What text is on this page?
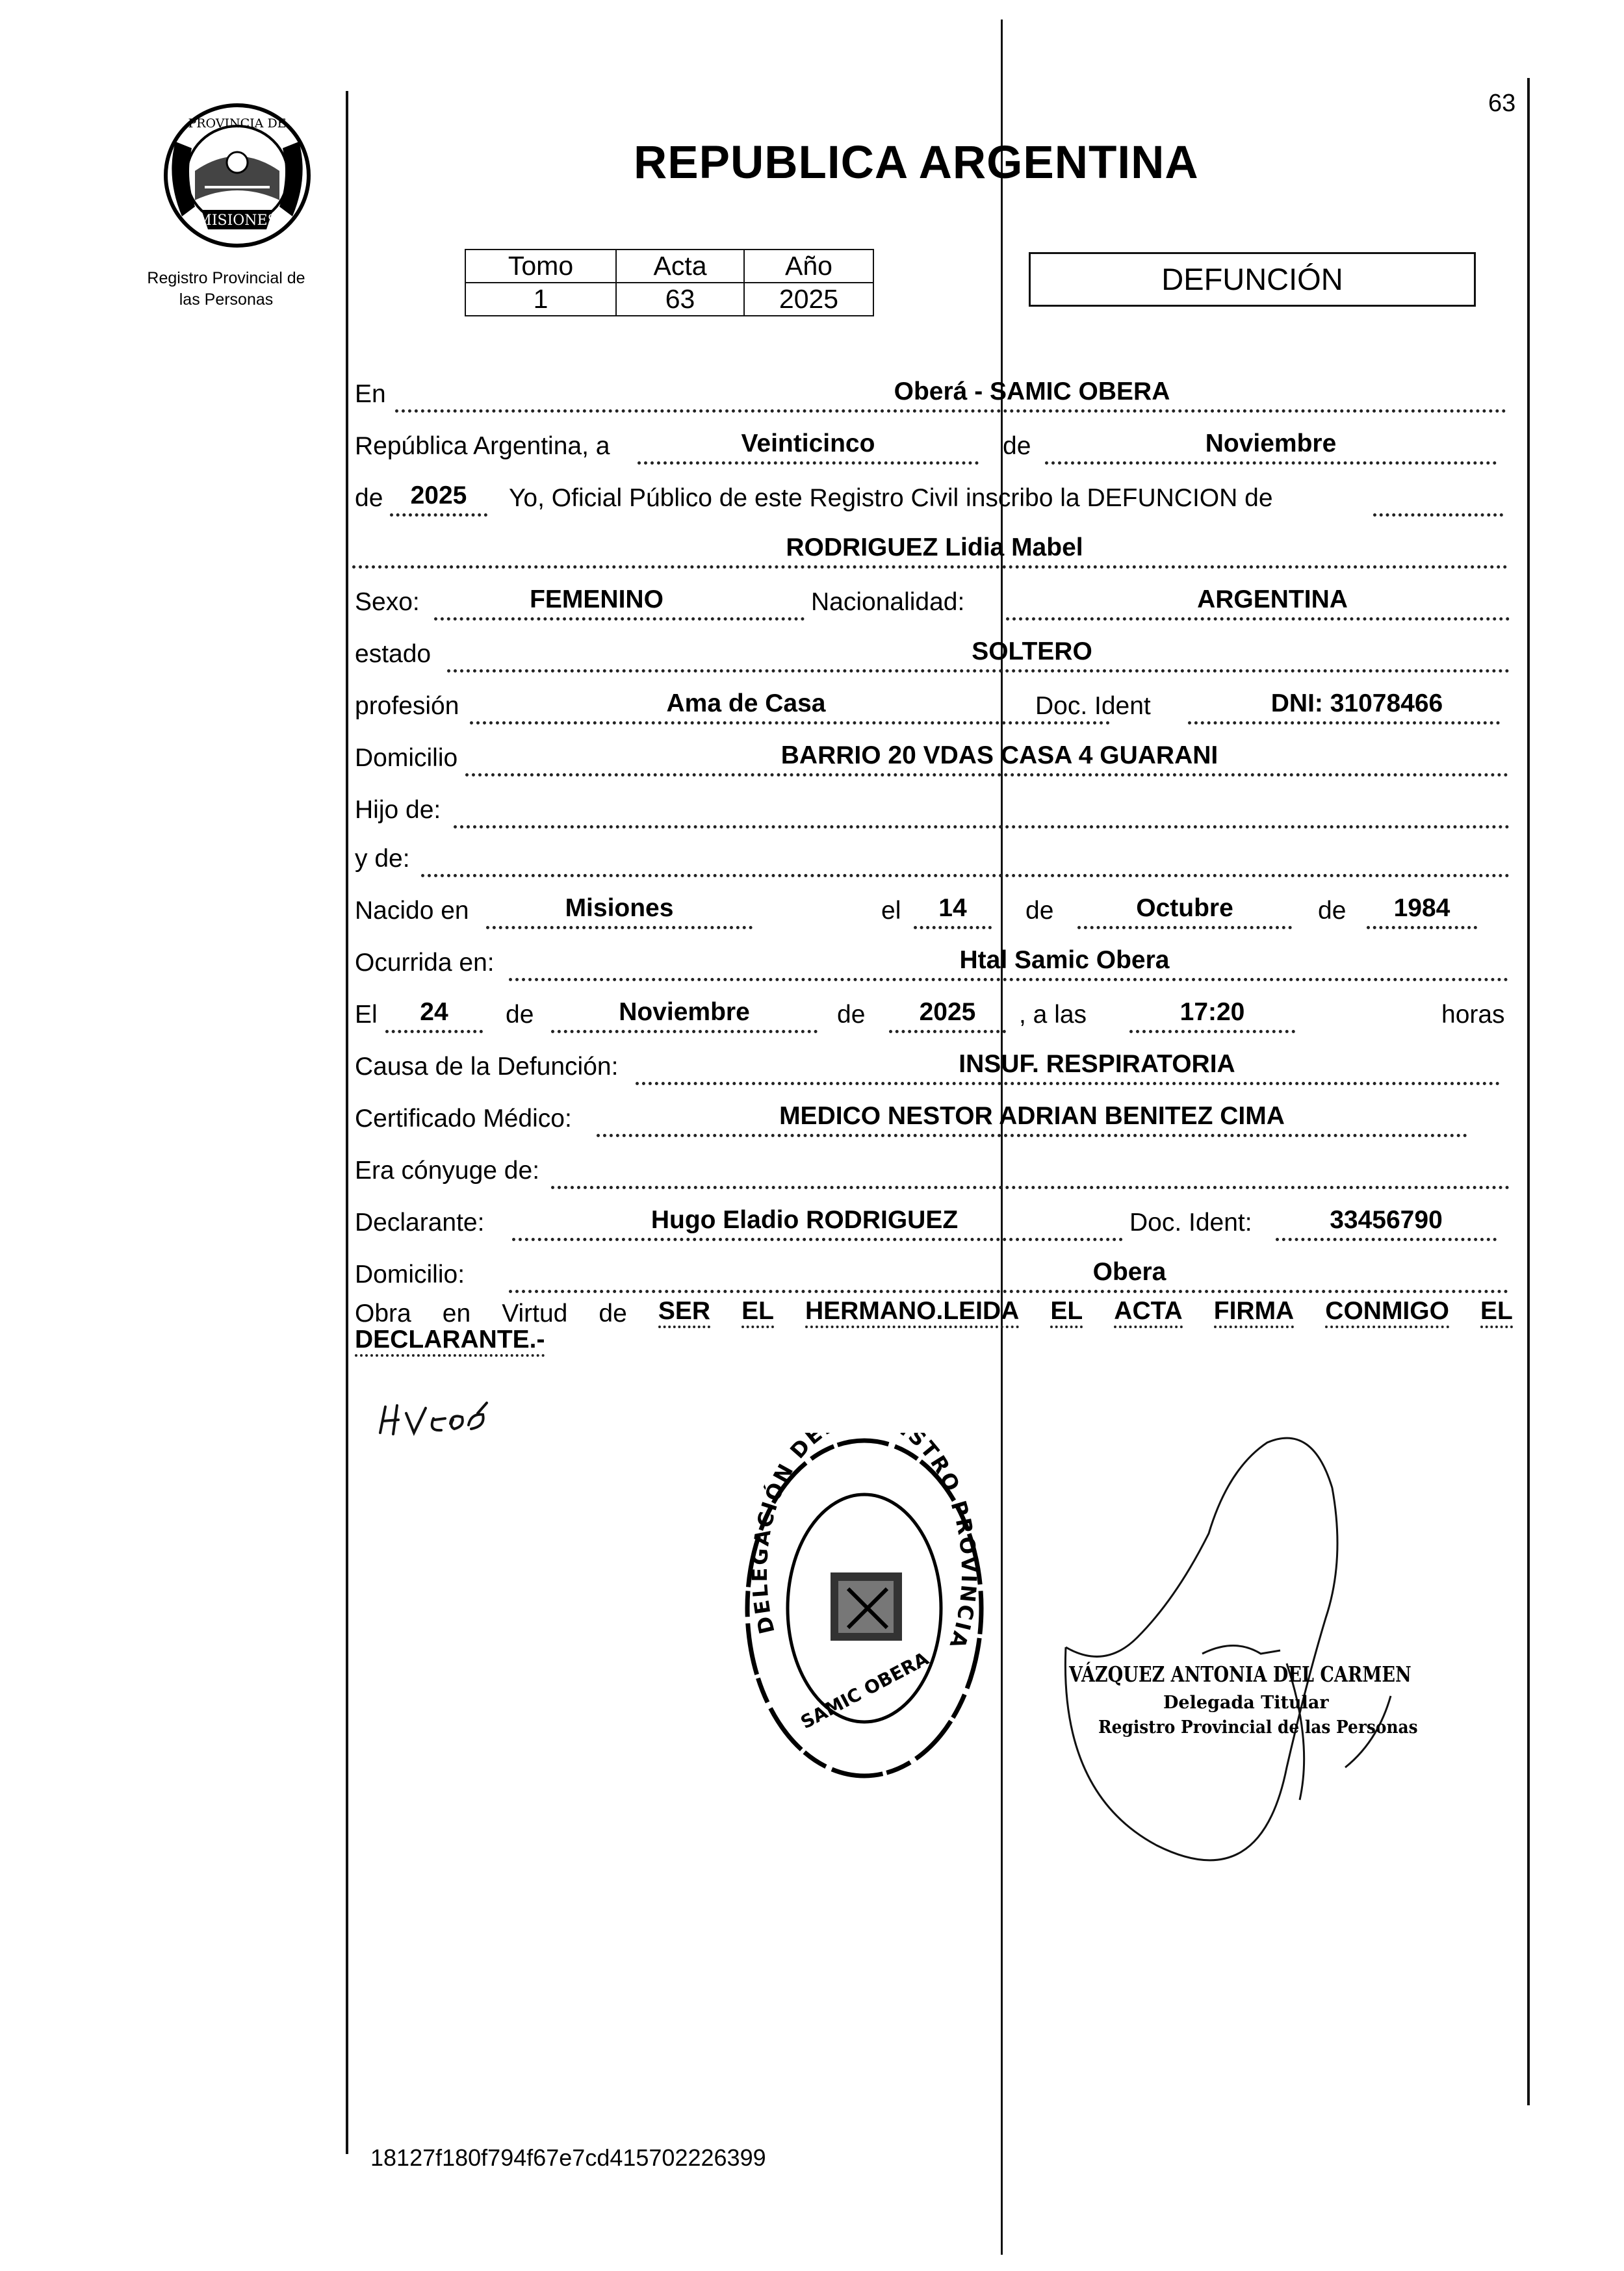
63
PROVINCIA DE
MISIONES
Registro Provincial de
las Personas
REPUBLICA ARGENTINA
Tomo	Acta	Año
1	63	2025
DEFUNCIÓN
En	Oberá - SAMIC OBERA
República Argentina, a	Veinticinco	de	Noviembre
de	2025	Yo, Oficial Público de este Registro Civil inscribo la DEFUNCION de
RODRIGUEZ Lidia Mabel
Sexo:	FEMENINO	Nacionalidad:	ARGENTINA
estado	SOLTERO
profesión	Ama de Casa	Doc. Ident	DNI: 31078466
Domicilio	BARRIO 20 VDAS CASA 4 GUARANI
Hijo de:
y de:
Nacido en	Misiones	el	14	de	Octubre	de	1984
Ocurrida en:	Htal Samic Obera
El	24	de	Noviembre	de	2025	, a las	17:20	horas
Causa de la Defunción:	INSUF. RESPIRATORIA
Certificado Médico:	MEDICO NESTOR ADRIAN BENITEZ CIMA
Era cónyuge de:
Declarante:	Hugo Eladio RODRIGUEZ	Doc. Ident:	33456790
Domicilio:	Obera
Obra en Virtud de SER EL HERMANO.LEIDA EL ACTA FIRMA CONMIGO EL
DECLARANTE.-
DELEGACIÓN DE STRO PROVINCIA
SAMIC OBERA	VÁZQUEZ ANTONIA DEL CARMEN
Delegada Titular
Registro Provincial de las Personas
18127f180f794f67e7cd415702226399
